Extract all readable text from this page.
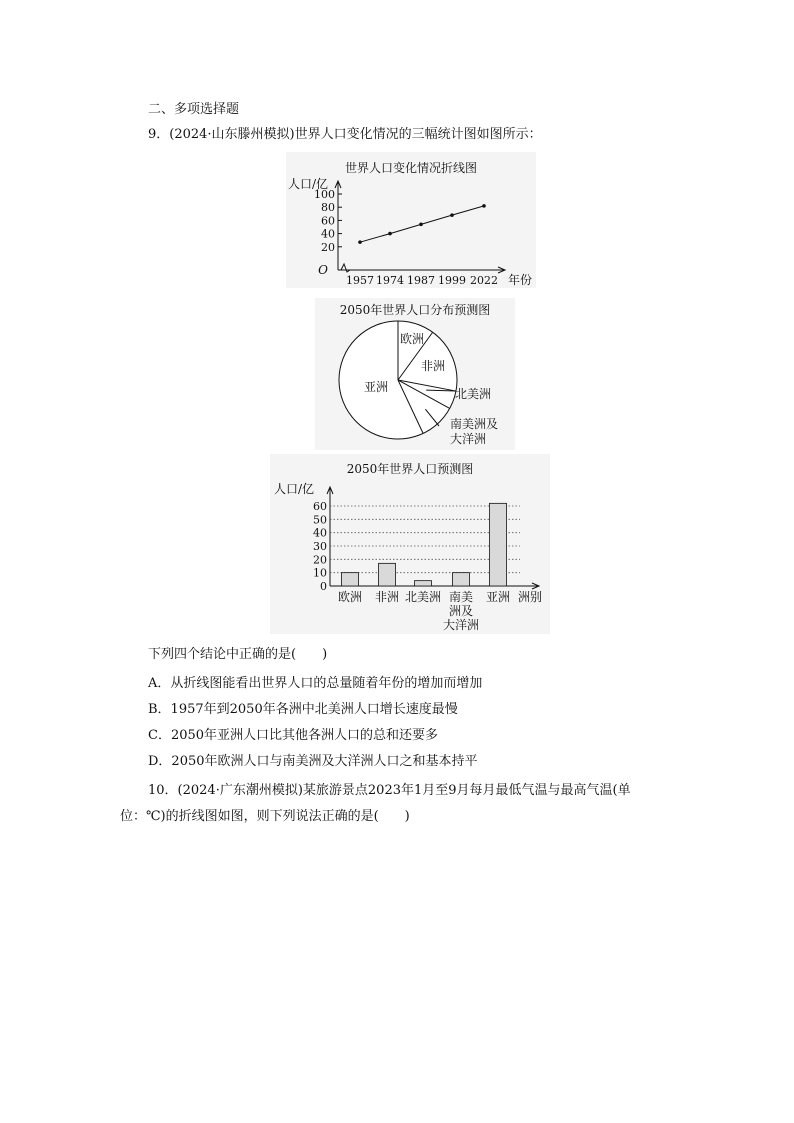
二、多项选择题
9．(2024·山东滕州模拟)世界人口变化情况的三幅统计图如图所示：
世界人口变化情况折线图
人口/亿
O
20
40
60
80
100
1957 1974 1987 1999 2022 年份
2050年世界人口分布预测图
欧洲
非洲
北美洲
南美洲及大洋洲
亚洲
2050年世界人口预测图
人口/亿
0
10
20
30
40
50
60
欧洲 非洲 北美洲 南美
洲及
大洋洲
亚洲 洲别
下列四个结论中正确的是(　　)
A．从折线图能看出世界人口的总量随着年份的增加而增加
B．1957年到2050年各洲中北美洲人口增长速度最慢
C．2050年亚洲人口比其他各洲人口的总和还要多
D．2050年欧洲人口与南美洲及大洋洲人口之和基本持平
10．(2024·广东潮州模拟)某旅游景点2023年1月至9月每月最低气温与最高气温(单
位：℃)的折线图如图，则下列说法正确的是(　　)
